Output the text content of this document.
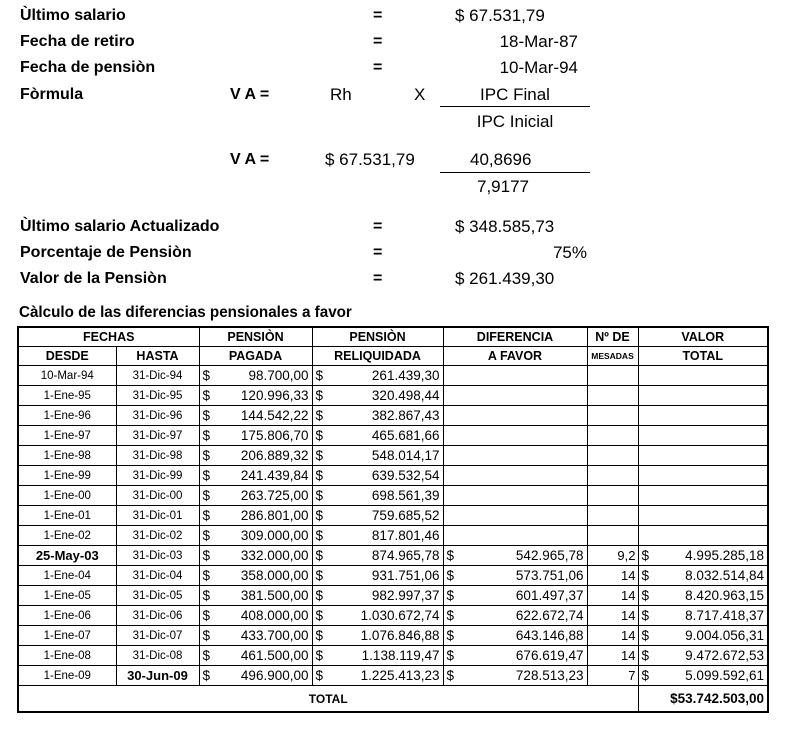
Ùltimo salario	=	$ 67.531,79
Fecha de retiro	=	18-Mar-87
Fecha de pensiòn	=	10-Mar-94
Fòrmula	V A =	Rh	X	IPC Final
IPC Inicial
V A =	$ 67.531,79	40,8696
7,9177
Ùltimo salario Actualizado	=	$ 348.585,73
Porcentaje de Pensiòn	=	75%
Valor de la Pensiòn	=	$ 261.439,30
Càlculo de las diferencias pensionales a favor
FECHAS		PENSIÒN	PENSIÒN	DIFERENCIA	Nº DE	VALOR
DESDE	HASTA	PAGADA	RELIQUIDADA	A FAVOR	MESADAS	TOTAL
10-Mar-94	31-Dic-94	$ 98.700,00	$ 261.439,30			

1-Ene-95	31-Dic-95	$ 120.996,33	$ 320.498,44			

1-Ene-96	31-Dic-96	$ 144.542,22	$ 382.867,43			

1-Ene-97	31-Dic-97	$ 175.806,70	$ 465.681,66			

1-Ene-98	31-Dic-98	$ 206.889,32	$ 548.014,17			

1-Ene-99	31-Dic-99	$ 241.439,84	$ 639.532,54			

1-Ene-00	31-Dic-00	$ 263.725,00	$ 698.561,39			

1-Ene-01	31-Dic-01	$ 286.801,00	$ 759.685,52			

1-Ene-02	31-Dic-02	$ 309.000,00	$ 817.801,46			

25-May-03	31-Dic-03	$ 332.000,00	$ 874.965,78	$ 542.965,78	9,2	$ 4.995.285,18

1-Ene-04	31-Dic-04	$ 358.000,00	$ 931.751,06	$ 573.751,06	14	$ 8.032.514,84

1-Ene-05	31-Dic-05	$ 381.500,00	$ 982.997,37	$ 601.497,37	14	$ 8.420.963,15

1-Ene-06	31-Dic-06	$ 408.000,00	$ 1.030.672,74	$ 622.672,74	14	$ 8.717.418,37

1-Ene-07	31-Dic-07	$ 433.700,00	$ 1.076.846,88	$ 643.146,88	14	$ 9.004.056,31

1-Ene-08	31-Dic-08	$ 461.500,00	$ 1.138.119,47	$ 676.619,47	14	$ 9.472.672,53

1-Ene-09	30-Jun-09	$ 496.900,00	$ 1.225.413,23	$ 728.513,23	7	$ 5.099.592,61

TOTAL						$53.742.503,00
